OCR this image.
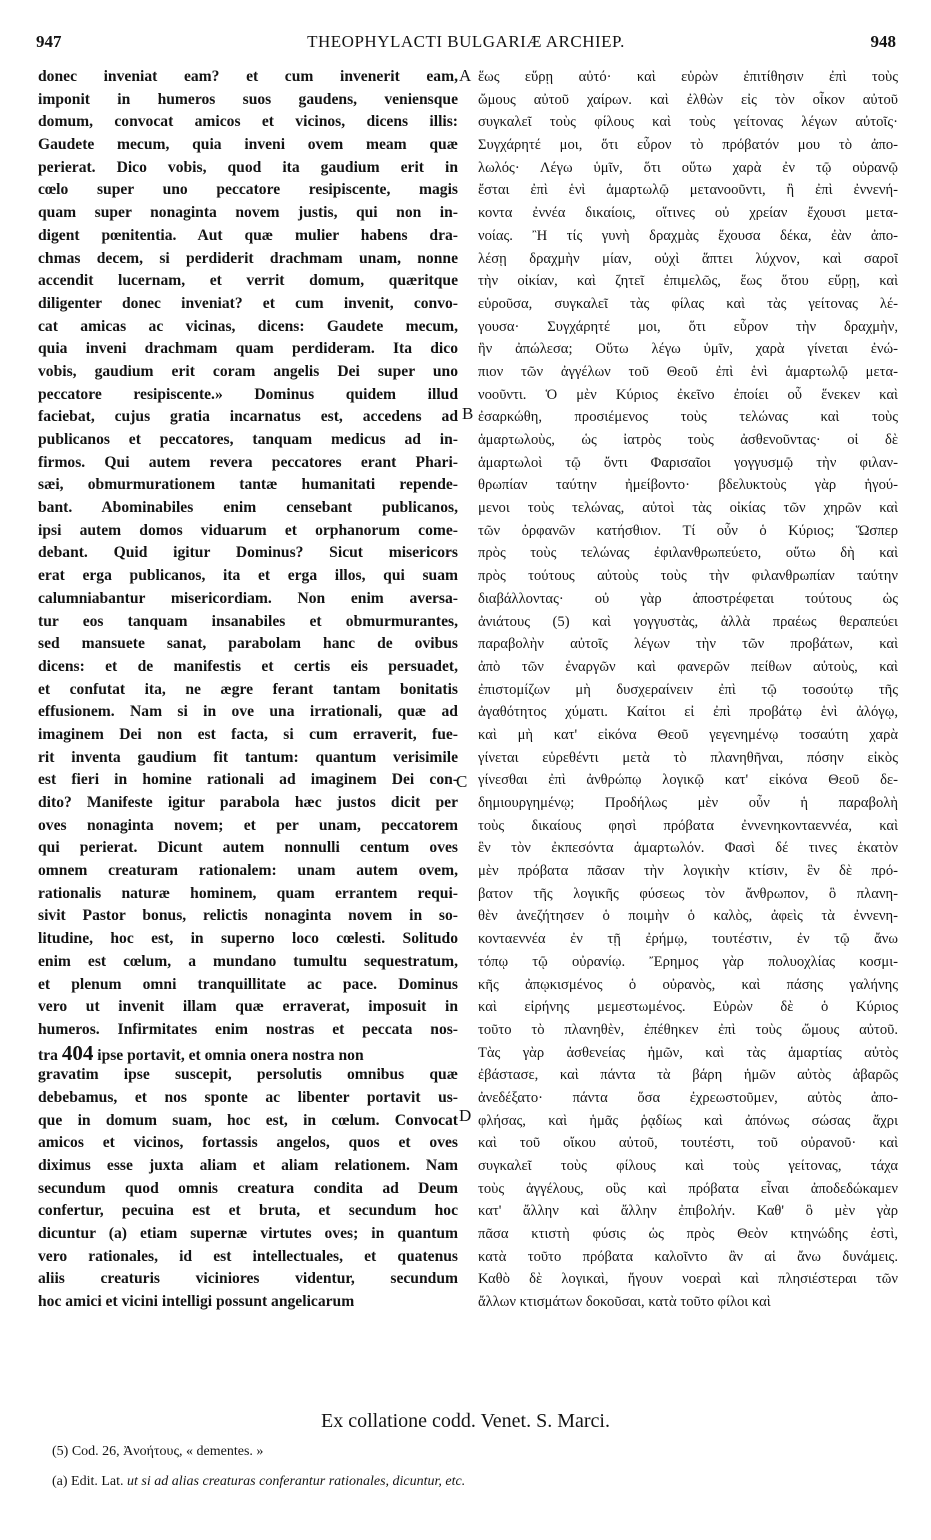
947	THEOPHYLACTI BULGARIÆ ARCHIEP.	948
donec inveniat eam? et cum invenerit eam,
imponit in humeros suos gaudens, veniensque
domum, convocat amicos et vicinos, dicens illis:
Gaudete mecum, quia inveni ovem meam quæ
perierat. Dico vobis, quod ita gaudium erit in
cœlo super uno peccatore resipiscente, magis
quam super nonaginta novem justis, qui non in-
digent pœnitentia. Aut quæ mulier habens dra-
chmas decem, si perdiderit drachmam unam, nonne
accendit lucernam, et verrit domum, quæritque
diligenter donec inveniat? et cum invenit, convo-
cat amicas ac vicinas, dicens: Gaudete mecum,
quia inveni drachmam quam perdideram. Ita dico
vobis, gaudium erit coram angelis Dei super uno
peccatore resipiscente.» Dominus quidem illud
faciebat, cujus gratia incarnatus est, accedens ad
publicanos et peccatores, tanquam medicus ad in-
firmos. Qui autem revera peccatores erant Phari-
sæi, obmurmurationem tantæ humanitati repende-
bant. Abominabiles enim censebant publicanos,
ipsi autem domos viduarum et orphanorum come-
debant. Quid igitur Dominus? Sicut misericors
erat erga publicanos, ita et erga illos, qui suam
calumniabantur misericordiam. Non enim aversa-
tur eos tanquam insanabiles et obmurmurantes,
sed mansuete sanat, parabolam hanc de ovibus
dicens: et de manifestis et certis eis persuadet,
et confutat ita, ne ægre ferant tantam bonitatis
effusionem. Nam si in ove una irrationali, quæ ad
imaginem Dei non est facta, si cum erraverit, fue-
rit inventa gaudium fit tantum: quantum verisimile
est fieri in homine rationali ad imaginem Dei con-
dito? Manifeste igitur parabola hæc justos dicit per
oves nonaginta novem; et per unam, peccatorem
qui perierat. Dicunt autem nonnulli centum oves
omnem creaturam rationalem: unam autem ovem,
rationalis naturæ hominem, quam errantem requi-
sivit Pastor bonus, relictis nonaginta novem in so-
litudine, hoc est, in superno loco cœlesti. Solitudo
enim est cœlum, a mundano tumultu sequestratum,
et plenum omni tranquillitate ac pace. Dominus
vero ut invenit illam quæ erraverat, imposuit in
humeros. Infirmitates enim nostras et peccata nos-
tra 404 ipse portavit, et omnia onera nostra non
gravatim ipse suscepit, persolutis omnibus quæ
debebamus, et nos sponte ac libenter portavit us-
que in domum suam, hoc est, in cœlum. Convocat
amicos et vicinos, fortassis angelos, quos et oves
diximus esse juxta aliam et aliam relationem. Nam
secundum quod omnis creatura condita ad Deum
confertur, pecuina est et bruta, et secundum hoc
dicuntur (a) etiam supernæ virtutes oves; in quantum
vero rationales, id est intellectuales, et quatenus
aliis creaturis viciniores videntur, secundum
hoc amici et vicini intelligi possunt angelicarum
ἕως εὕρῃ αὐτό· καὶ εὑρὼν ἐπιτίθησιν ἐπὶ τοὺς
ὤμους αὐτοῦ χαίρων. καὶ ἐλθὼν εἰς τὸν οἶκον αὐτοῦ
συγκαλεῖ τοὺς φίλους καὶ τοὺς γείτονας λέγων αὐτοῖς·
Συγχάρητέ μοι, ὅτι εὗρον τὸ πρόβατόν μου τὸ ἀπο-
λωλός· Λέγω ὑμῖν, ὅτι οὕτω χαρὰ ἐν τῷ οὐρανῷ
ἔσται ἐπὶ ἑνὶ ἁμαρτωλῷ μετανοοῦντι, ἢ ἐπὶ ἐννενή-
κοντα ἐννέα δικαίοις, οἵτινες οὐ χρείαν ἔχουσι μετα-
νοίας. Ἢ τίς γυνὴ δραχμὰς ἔχουσα δέκα, ἐὰν ἀπο-
λέσῃ δραχμὴν μίαν, οὐχὶ ἅπτει λύχνον, καὶ σαροῖ
τὴν οἰκίαν, καὶ ζητεῖ ἐπιμελῶς, ἕως ὅτου εὕρῃ, καὶ
εὑροῦσα, συγκαλεῖ τὰς φίλας καὶ τὰς γείτονας λέ-
γουσα· Συγχάρητέ μοι, ὅτι εὗρον τὴν δραχμὴν,
ἣν ἀπώλεσα; Οὕτω λέγω ὑμῖν, χαρὰ γίνεται ἐνώ-
πιον τῶν ἀγγέλων τοῦ Θεοῦ ἐπὶ ἑνὶ ἁμαρτωλῷ μετα-
νοοῦντι. Ὁ μὲν Κύριος ἐκεῖνο ἐποίει οὗ ἕνεκεν καὶ
ἐσαρκώθη, προσιέμενος τοὺς τελώνας καὶ τοὺς
ἁμαρτωλοὺς, ὡς ἰατρὸς τοὺς ἀσθενοῦντας· οἱ δὲ
ἁμαρτωλοὶ τῷ ὄντι Φαρισαῖοι γογγυσμῷ τὴν φιλαν-
θρωπίαν ταύτην ἠμείβοντο· βδελυκτοὺς γὰρ ἡγού-
μενοι τοὺς τελώνας, αὐτοὶ τὰς οἰκίας τῶν χηρῶν καὶ
τῶν ὀρφανῶν κατήσθιον. Τί οὖν ὁ Κύριος; Ὥσπερ
πρὸς τοὺς τελώνας ἐφιλανθρωπεύετο, οὕτω δὴ καὶ
πρὸς τούτους αὐτοὺς τοὺς τὴν φιλανθρωπίαν ταύτην
διαβάλλοντας· οὐ γὰρ ἀποστρέφεται τούτους ὡς
ἀνιάτους (5) καὶ γογγυστὰς, ἀλλὰ πραέως θεραπεύει
παραβολὴν αὐτοῖς λέγων τὴν τῶν προβάτων, καὶ
ἀπὸ τῶν ἐναργῶν καὶ φανερῶν πείθων αὐτοὺς, καὶ
ἐπιστομίζων μὴ δυσχεραίνειν ἐπὶ τῷ τοσούτῳ τῆς
ἀγαθότητος χύματι. Καίτοι εἰ ἐπὶ προβάτῳ ἑνὶ ἀλόγῳ,
καὶ μὴ κατ' εἰκόνα Θεοῦ γεγενημένῳ τοσαύτη χαρὰ
γίνεται εὑρεθέντι μετὰ τὸ πλανηθῆναι, πόσην εἰκὸς
γίνεσθαι ἐπὶ ἀνθρώπῳ λογικῷ κατ' εἰκόνα Θεοῦ δε-
δημιουργημένῳ; Προδήλως μὲν οὖν ἡ παραβολὴ
τοὺς δικαίους φησὶ πρόβατα ἐννενηκονταεννέα, καὶ
ἓν τὸν ἐκπεσόντα ἁμαρτωλόν. Φασὶ δέ τινες ἑκατὸν
μὲν πρόβατα πᾶσαν τὴν λογικὴν κτίσιν, ἓν δὲ πρό-
βατον τῆς λογικῆς φύσεως τὸν ἄνθρωπον, ὃ πλανη-
θὲν ἀνεζήτησεν ὁ ποιμὴν ὁ καλὸς, ἀφεὶς τὰ ἐννενη-
κονταεννέα ἐν τῇ ἐρήμῳ, τουτέστιν, ἐν τῷ ἄνω
τόπῳ τῷ οὐρανίῳ. Ἔρημος γὰρ πολυοχλίας κοσμι-
κῆς ἀπῳκισμένος ὁ οὐρανὸς, καὶ πάσης γαλήνης
καὶ εἰρήνης μεμεστωμένος. Εὑρὼν δὲ ὁ Κύριος
τοῦτο τὸ πλανηθὲν, ἐπέθηκεν ἐπὶ τοὺς ὤμους αὐτοῦ.
Τὰς γὰρ ἀσθενείας ἡμῶν, καὶ τὰς ἁμαρτίας αὐτὸς
ἐβάστασε, καὶ πάντα τὰ βάρη ἡμῶν αὐτὸς ἀβαρῶς
ἀνεδέξατο· πάντα ὅσα ἐχρεωστοῦμεν, αὐτὸς ἀπο-
φλήσας, καὶ ἡμᾶς ῥᾳδίως καὶ ἀπόνως σώσας ἄχρι
καὶ τοῦ οἴκου αὐτοῦ, τουτέστι, τοῦ οὐρανοῦ· καὶ
συγκαλεῖ τοὺς φίλους καὶ τοὺς γείτονας, τάχα
τοὺς ἀγγέλους, οὓς καὶ πρόβατα εἶναι ἀποδεδώκαμεν
κατ' ἄλλην καὶ ἄλλην ἐπιβολήν. Καθ' ὃ μὲν γὰρ
πᾶσα κτιστὴ φύσις ὡς πρὸς Θεὸν κτηνώδης ἐστὶ,
κατὰ τοῦτο πρόβατα καλοῖντο ἂν αἱ ἄνω δυνάμεις.
Καθὸ δὲ λογικαὶ, ἤγουν νοεραὶ καὶ πλησιέστεραι τῶν
ἄλλων κτισμάτων δοκοῦσαι, κατὰ τοῦτο φίλοι καὶ
A
B
C
D
Ex collatione codd. Venet. S. Marci.
(5) Cod. 26, Ἀνοήτους, « dementes. »
(a) Edit. Lat. ut si ad alias creaturas conferantur rationales, dicuntur, etc.
